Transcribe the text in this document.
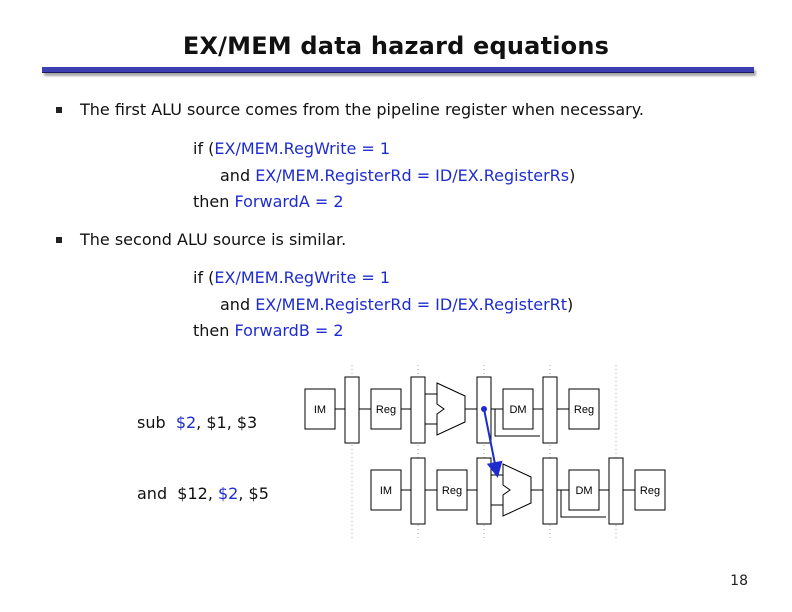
EX/MEM data hazard equations
The first ALU source comes from the pipeline register when necessary.
if (EX/MEM.RegWrite = 1
and EX/MEM.RegisterRd = ID/EX.RegisterRs)
then ForwardA = 2
The second ALU source is similar.
if (EX/MEM.RegWrite = 1
and EX/MEM.RegisterRd = ID/EX.RegisterRt)
then ForwardB = 2
sub $2, $1, $3
and $12, $2, $5
IM	Reg	DM	Reg
IM	Reg	DM	Reg
18
